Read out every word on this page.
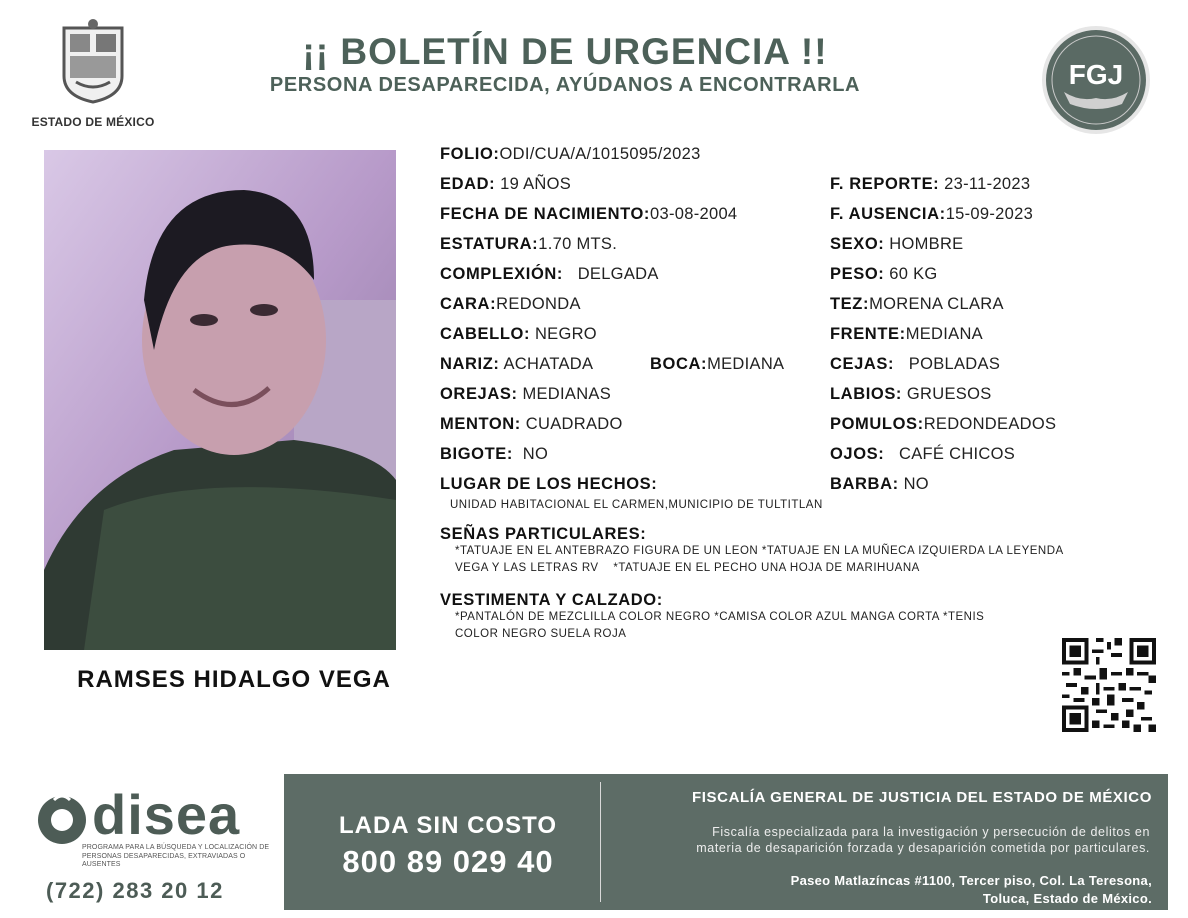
ESTADO DE MÉXICO
¡¡ BOLETÍN DE URGENCIA !!
PERSONA DESAPARECIDA, AYÚDANOS A ENCONTRARLA	FGJ
RAMSES HIDALGO VEGA
FOLIO:ODI/CUA/A/1015095/2023
EDAD: 19 AÑOS	F. REPORTE: 23-11-2023
FECHA DE NACIMIENTO:03-08-2004	F. AUSENCIA:15-09-2023
ESTATURA:1.70 MTS.	SEXO: HOMBRE
COMPLEXIÓN: DELGADA	PESO: 60 KG
CARA:REDONDA	TEZ:MORENA CLARA
CABELLO: NEGRO	FRENTE:MEDIANA
NARIZ: ACHATADA	BOCA:MEDIANA	CEJAS: POBLADAS
OREJAS: MEDIANAS	LABIOS: GRUESOS
MENTON: CUADRADO	POMULOS:REDONDEADOS
BIGOTE: NO	OJOS: CAFÉ CHICOS
LUGAR DE LOS HECHOS:	BARBA: NO
UNIDAD HABITACIONAL EL CARMEN,MUNICIPIO DE TULTITLAN
SEÑAS PARTICULARES:
*TATUAJE EN EL ANTEBRAZO FIGURA DE UN LEON *TATUAJE EN LA MUÑECA IZQUIERDA LA LEYENDA
VEGA Y LAS LETRAS RV    *TATUAJE EN EL PECHO UNA HOJA DE MARIHUANA
VESTIMENTA Y CALZADO:
*PANTALÓN DE MEZCLILLA COLOR NEGRO *CAMISA COLOR AZUL MANGA CORTA *TENIS
COLOR NEGRO SUELA ROJA
disea
PROGRAMA PARA LA BÚSQUEDA Y LOCALIZACIÓN DE PERSONAS DESAPARECIDAS, EXTRAVIADAS O AUSENTES
(722) 283 20 12
LADA SIN COSTO
800 89 029 40
FISCALÍA GENERAL DE JUSTICIA DEL ESTADO DE MÉXICO
Fiscalía especializada para la investigación y persecución de delitos en
materia de desaparición forzada y desaparición cometida por particulares.
Paseo Matlazíncas #1100, Tercer piso, Col. La Teresona,
Toluca, Estado de México.
